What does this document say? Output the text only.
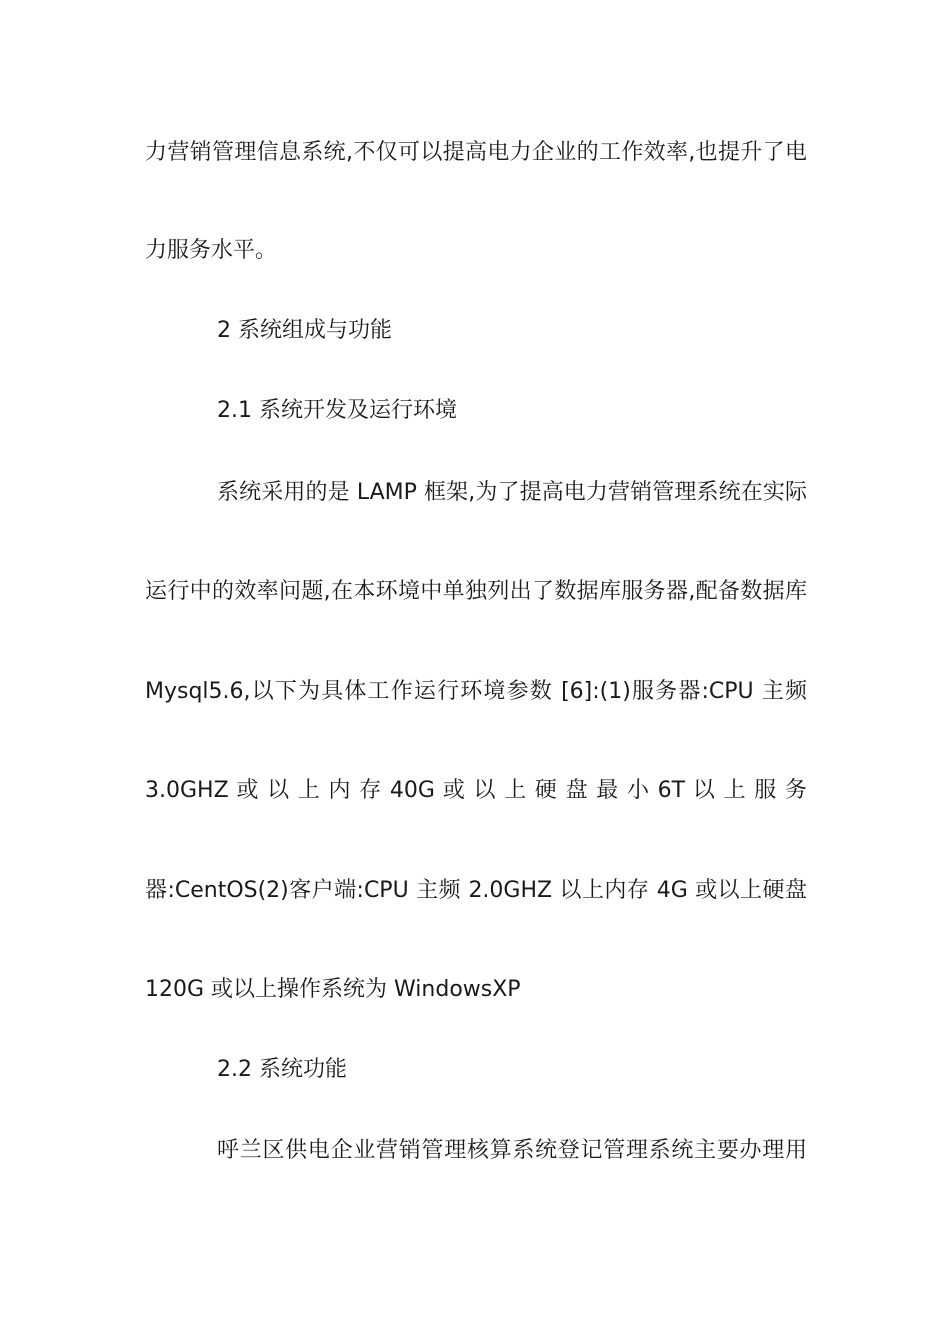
力营销管理信息系统,不仅可以提高电力企业的工作效率,也提升了电
力服务水平。
2 系统组成与功能
2.1 系统开发及运行环境
系统采用的是 LAMP 框架,为了提高电力营销管理系统在实际
运行中的效率问题,在本环境中单独列出了数据库服务器,配备数据库
Mysql5.6,以下为具体工作运行环境参数 [6]:(1)服务器:CPU 主频
3.0GHZ 或 以 上 内 存 40G 或 以 上 硬 盘 最 小 6T 以 上 服 务
器:CentOS(2)客户端:CPU 主频 2.0GHZ 以上内存 4G 或以上硬盘
120G 或以上操作系统为 WindowsXP
2.2 系统功能
呼兰区供电企业营销管理核算系统登记管理系统主要办理用
